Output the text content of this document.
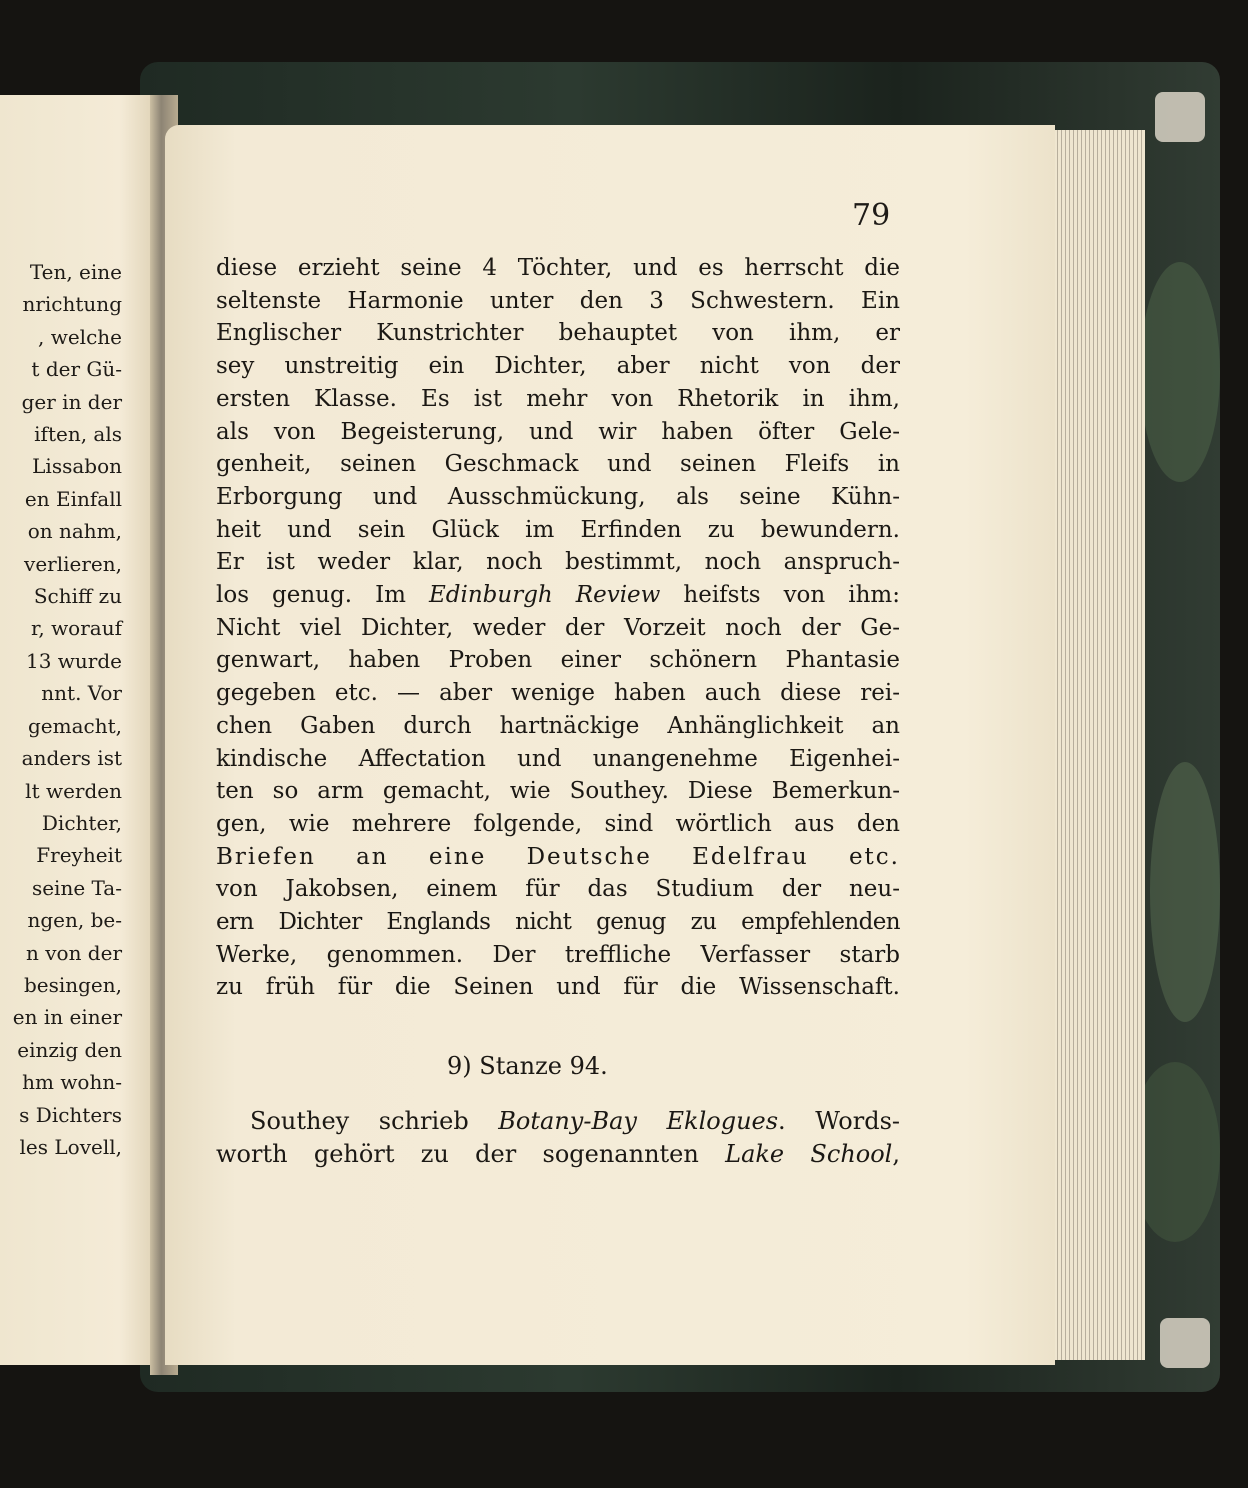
Ten, eine
nrichtung
, welche
t der Gü-
ger in der
iften, als
Lissabon
en Einfall
on nahm,
verlieren,
Schiff zu
r, worauf
13 wurde
nnt. Vor
gemacht,
anders ist
lt werden
Dichter,
Freyheit
seine Ta-
ngen, be-
n von der
besingen,
en in einer
einzig den
hm wohn-
s Dichters
les Lovell,
79
diese erzieht seine 4 Töchter, und es herrscht die
seltenste Harmonie unter den 3 Schwestern. Ein
Englischer Kunstrichter behauptet von ihm, er
sey unstreitig ein Dichter, aber nicht von der
ersten Klasse. Es ist mehr von Rhetorik in ihm,
als von Begeisterung, und wir haben öfter Gele-
genheit, seinen Geschmack und seinen Fleifs in
Erborgung und Ausschmückung, als seine Kühn-
heit und sein Glück im Erfinden zu bewundern.
Er ist weder klar, noch bestimmt, noch anspruch-
los genug. Im Edinburgh Review heifsts von ihm:
Nicht viel Dichter, weder der Vorzeit noch der Ge-
genwart, haben Proben einer schönern Phantasie
gegeben etc. — aber wenige haben auch diese rei-
chen Gaben durch hartnäckige Anhänglichkeit an
kindische Affectation und unangenehme Eigenhei-
ten so arm gemacht, wie Southey. Diese Bemerkun-
gen, wie mehrere folgende, sind wörtlich aus den
Briefen an eine Deutsche Edelfrau etc.
von Jakobsen, einem für das Studium der neu-
ern Dichter Englands nicht genug zu empfehlenden
Werke, genommen. Der treffliche Verfasser starb
zu früh für die Seinen und für die Wissenschaft.
9) Stanze 94.
Southey schrieb Botany-Bay Eklogues. Words-
worth gehört zu der sogenannten Lake School,
